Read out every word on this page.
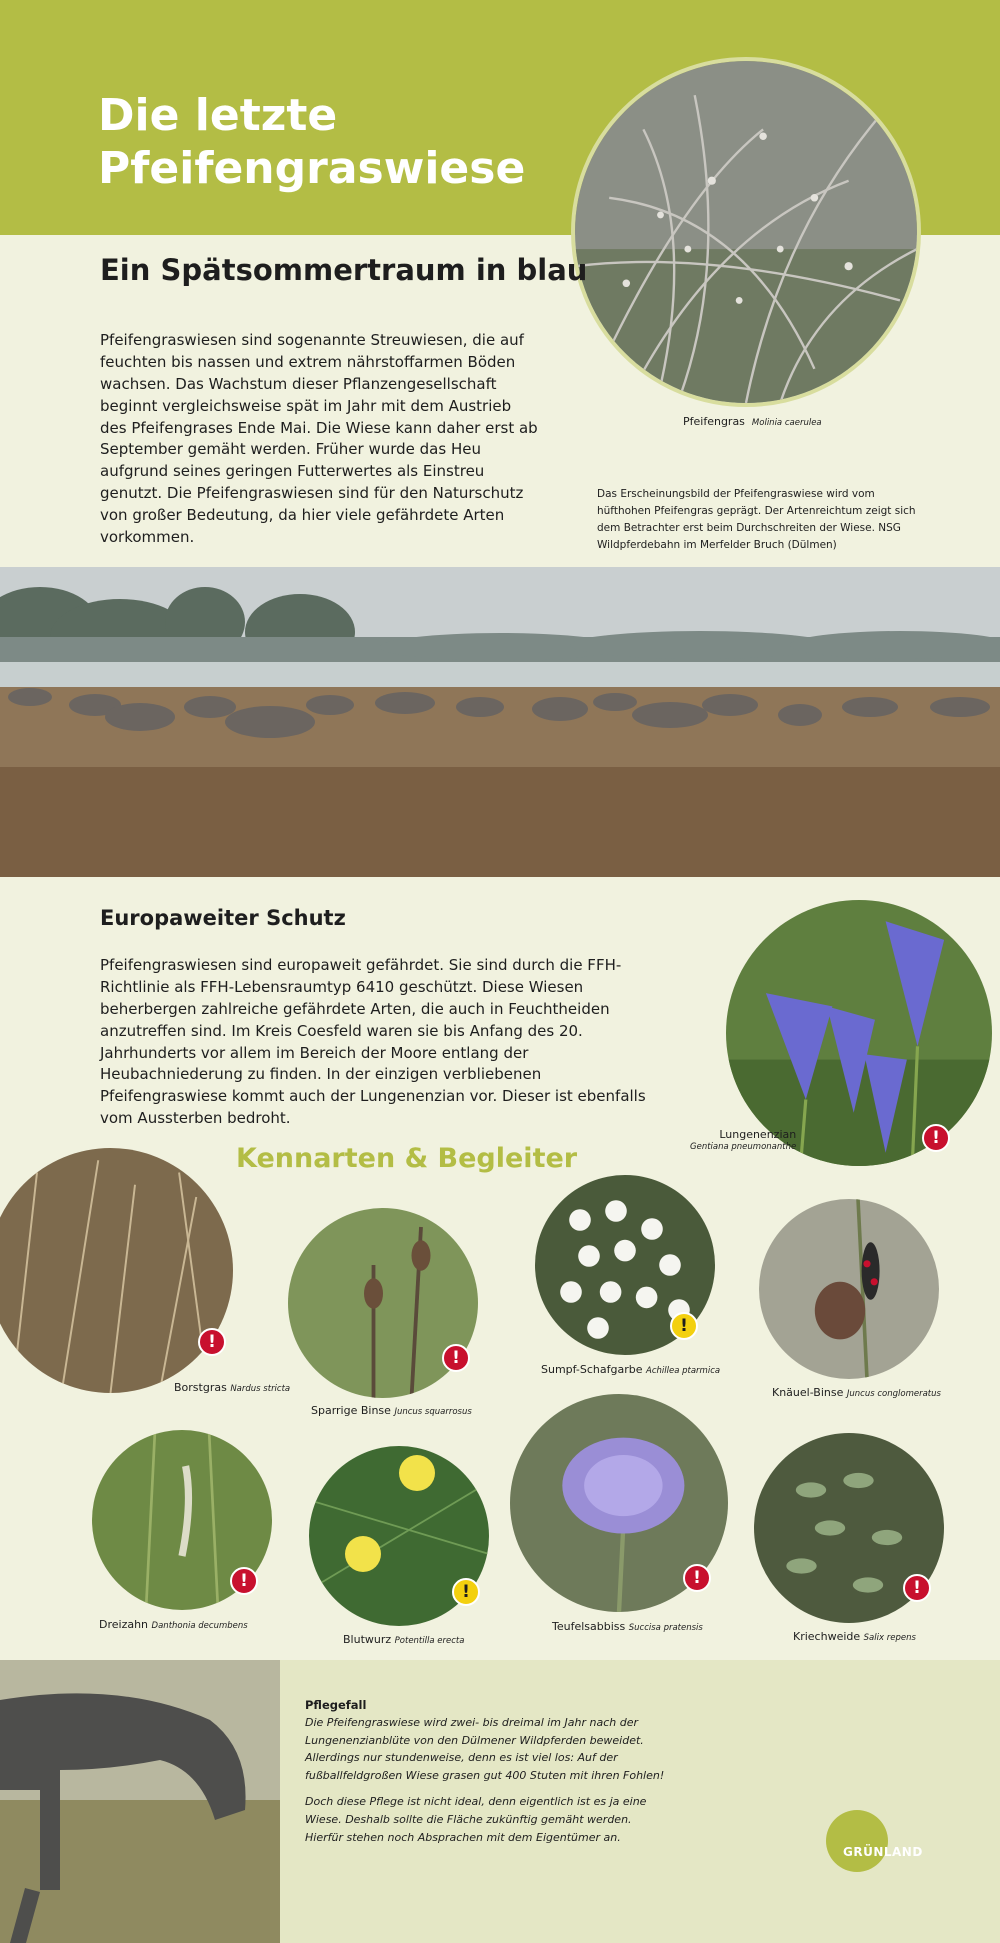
Die letzte
Pfeifengraswiese
Pfeifengras Molinia caerulea
Das Erscheinungsbild der Pfeifengraswiese wird vom hüfthohen Pfeifengras geprägt. Der Artenreichtum zeigt sich dem Betrachter erst beim Durchschreiten der Wiese. NSG Wildpferdebahn im Merfelder Bruch (Dülmen)
Ein Spätsommertraum in blau

Pfeifengraswiesen sind sogenannte Streuwiesen, die auf feuchten bis nassen und extrem nährstoffarmen Böden wachsen. Das Wachstum dieser Pflanzengesellschaft beginnt vergleichsweise spät im Jahr mit dem Austrieb des Pfeifengrases Ende Mai. Die Wiese kann daher erst ab September gemäht werden. Früher wurde das Heu aufgrund seines geringen Futterwertes als Einstreu genutzt. Die Pfeifengraswiesen sind für den Naturschutz von großer Bedeutung, da hier viele gefährdete Arten vorkommen.

Europaweiter Schutz

Pfeifengraswiesen sind europaweit gefährdet. Sie sind durch die FFH-Richtlinie als FFH-Lebensraumtyp 6410 geschützt. Diese Wiesen beherbergen zahlreiche gefährdete Arten, die auch in Feuchtheiden anzutreffen sind. Im Kreis Coesfeld waren sie bis Anfang des 20. Jahrhunderts vor allem im Bereich der Moore entlang der Heubachniederung zu finden. In der einzigen verbliebenen Pfeifengraswiese kommt auch der Lungenenzian vor. Dieser ist ebenfalls vom Aussterben bedroht.

!
Lungenenzian
Gentiana pneumonanthe
Kennarten & Begleiter
!
Borstgras Nardus stricta
!
Sparrige Binse Juncus squarrosus
!
Sumpf-Schafgarbe Achillea ptarmica
Knäuel-Binse Juncus conglomeratus
!
Dreizahn Danthonia decumbens
!
Blutwurz Potentilla erecta
!
Teufelsabbiss Succisa pratensis
!
Kriechweide Salix repens
Pflegefall

Die Pfeifengraswiese wird zwei- bis dreimal im Jahr nach der Lungenenzianblüte von den Dülmener Wildpferden beweidet. Allerdings nur stundenweise, denn es ist viel los: Auf der fußballfeldgroßen Wiese grasen gut 400 Stuten mit ihren Fohlen!

Doch diese Pflege ist nicht ideal, denn eigentlich ist es ja eine Wiese. Deshalb sollte die Fläche zukünftig gemäht werden. Hierfür stehen noch Absprachen mit dem Eigentümer an.

GRÜNLAND
